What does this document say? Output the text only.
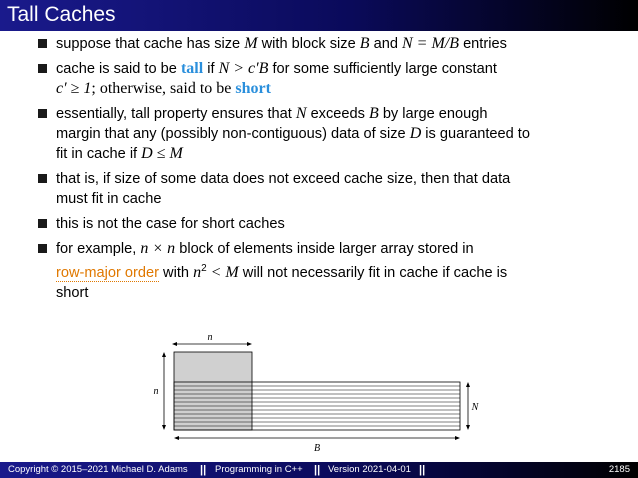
Tall Caches
suppose that cache has size M with block size B and N = M/B entries
cache is said to be tall if N > c′B for some sufficiently large constant
c′ ≥ 1; otherwise, said to be short
essentially, tall property ensures that N exceeds B by large enough
margin that any (possibly non-contiguous) data of size D is guaranteed to
fit in cache if D ≤ M
that is, if size of some data does not exceed cache size, then that data
must fit in cache
this is not the case for short caches
for example, n × n block of elements inside larger array stored in
row-major order with $n^2 < M$ will not necessarily fit in cache if cache is
short
n
n
N
B
Copyright © 2015–2021 Michael D. Adams || Programming in C++ || Version 2021-04-01 ||	2185
